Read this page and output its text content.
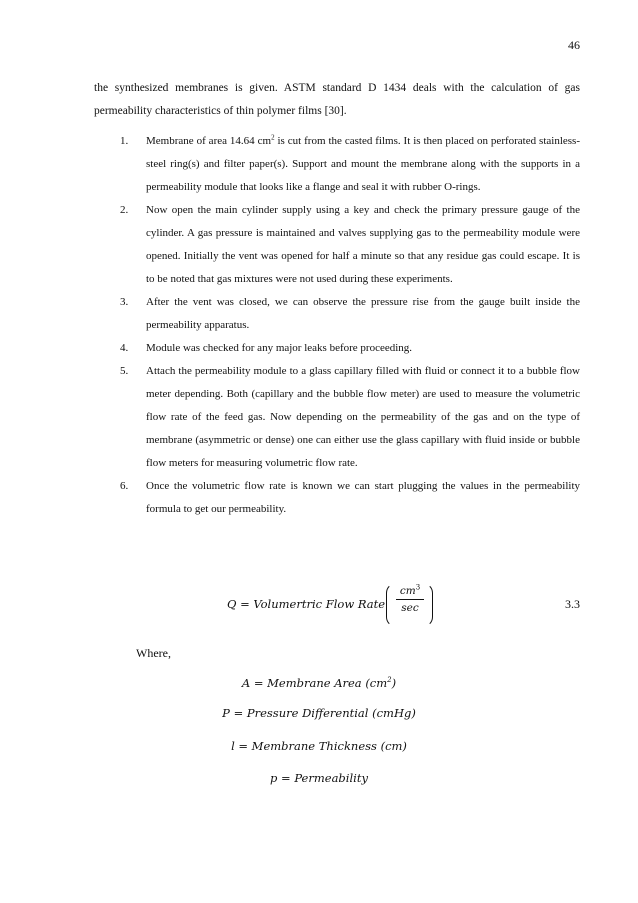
46

the synthesized membranes is given. ASTM standard D 1434 deals with the calculation of gas permeability characteristics of thin polymer films [30].

1. Membrane of area 14.64 $cm^2$ is cut from the casted films. It is then placed on perforated stainless-steel ring(s) and filter paper(s). Support and mount the membrane along with the supports in a permeability module that looks like a flange and seal it with rubber O-rings.
2. Now open the main cylinder supply using a key and check the primary pressure gauge of the cylinder. A gas pressure is maintained and valves supplying gas to the permeability module were opened. Initially the vent was opened for half a minute so that any residue gas could escape. It is to be noted that gas mixtures were not used during these experiments.
3. After the vent was closed, we can observe the pressure rise from the gauge built inside the permeability apparatus.
4. Module was checked for any major leaks before proceeding.
5. Attach the permeability module to a glass capillary filled with fluid or connect it to a bubble flow meter depending. Both (capillary and the bubble flow meter) are used to measure the volumetric flow rate of the feed gas. Now depending on the permeability of the gas and on the type of membrane (asymmetric or dense) one can either use the glass capillary with fluid inside or bubble flow meters for measuring volumetric flow rate.
6. Once the volumetric flow rate is known we can start plugging the values in the permeability formula to get our permeability.
Q = Volumertric Flow Rate
$cm^3$
sec	3.3
Where,
A = Membrane Area $(cm^2)$
P = Pressure Differential (cmHg)
l = Membrane Thickness (cm)
p = Permeability
